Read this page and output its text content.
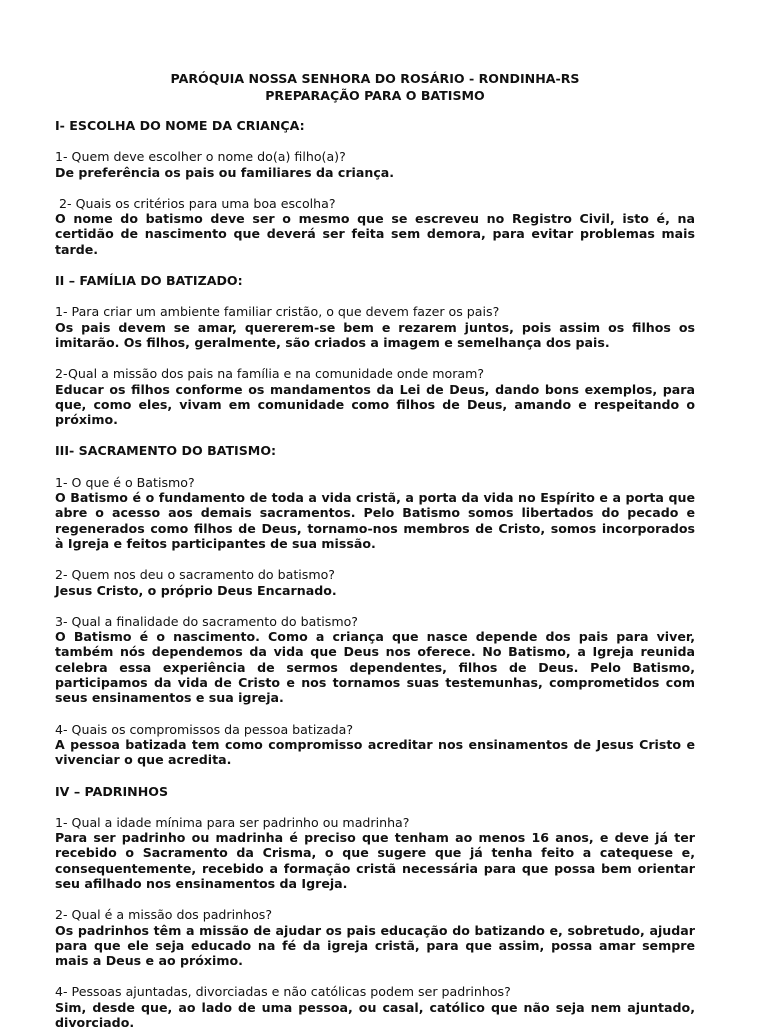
PARÓQUIA NOSSA SENHORA DO ROSÁRIO - RONDINHA-RS
PREPARAÇÃO PARA O BATISMO
I- ESCOLHA DO NOME DA CRIANÇA:
1- Quem deve escolher o nome do(a) filho(a)?
De preferência os pais ou familiares da criança.
2- Quais os critérios para uma boa escolha?
O nome do batismo deve ser o mesmo que se escreveu no Registro Civil, isto é, na certidão de nascimento que deverá ser feita sem demora, para evitar problemas mais tarde.
II – FAMÍLIA DO BATIZADO:
1- Para criar um ambiente familiar cristão, o que devem fazer os pais?
Os pais devem se amar, quererem-se bem e rezarem juntos, pois assim os filhos os imitarão. Os filhos, geralmente, são criados a imagem e semelhança dos pais.
2-Qual a missão dos pais na família e na comunidade onde moram?
Educar os filhos conforme os mandamentos da Lei de Deus, dando bons exemplos, para que, como eles, vivam em comunidade como filhos de Deus, amando e respeitando o próximo.
III- SACRAMENTO DO BATISMO:
1- O que é o Batismo?
O Batismo é o fundamento de toda a vida cristã, a porta da vida no Espírito e a porta que abre o acesso aos demais sacramentos. Pelo Batismo somos libertados do pecado e regenerados como filhos de Deus, tornamo-nos membros de Cristo, somos incorporados à Igreja e feitos participantes de sua missão.
2- Quem nos deu o sacramento do batismo?
Jesus Cristo, o próprio Deus Encarnado.
3- Qual a finalidade do sacramento do batismo?
O Batismo é o nascimento. Como a criança que nasce depende dos pais para viver, também nós dependemos da vida que Deus nos oferece. No Batismo, a Igreja reunida celebra essa experiência de sermos dependentes, filhos de Deus. Pelo Batismo, participamos da vida de Cristo e nos tornamos suas testemunhas, comprometidos com seus ensinamentos e sua igreja.
4- Quais os compromissos da pessoa batizada?
A pessoa batizada tem como compromisso acreditar nos ensinamentos de Jesus Cristo e vivenciar o que acredita.
IV – PADRINHOS
1- Qual a idade mínima para ser padrinho ou madrinha?
Para ser padrinho ou madrinha é preciso que tenham ao menos 16 anos, e deve já ter recebido o Sacramento da Crisma, o que sugere que já tenha feito a catequese e, consequentemente, recebido a formação cristã necessária para que possa bem orientar seu afilhado nos ensinamentos da Igreja.
2- Qual é a missão dos padrinhos?
Os padrinhos têm a missão de ajudar os pais educação do batizando e, sobretudo, ajudar para que ele seja educado na fé da igreja cristã, para que assim, possa amar sempre mais a Deus e ao próximo.
4- Pessoas ajuntadas, divorciadas e não católicas podem ser padrinhos?
Sim, desde que, ao lado de uma pessoa, ou casal, católico que não seja nem ajuntado, divorciado.
